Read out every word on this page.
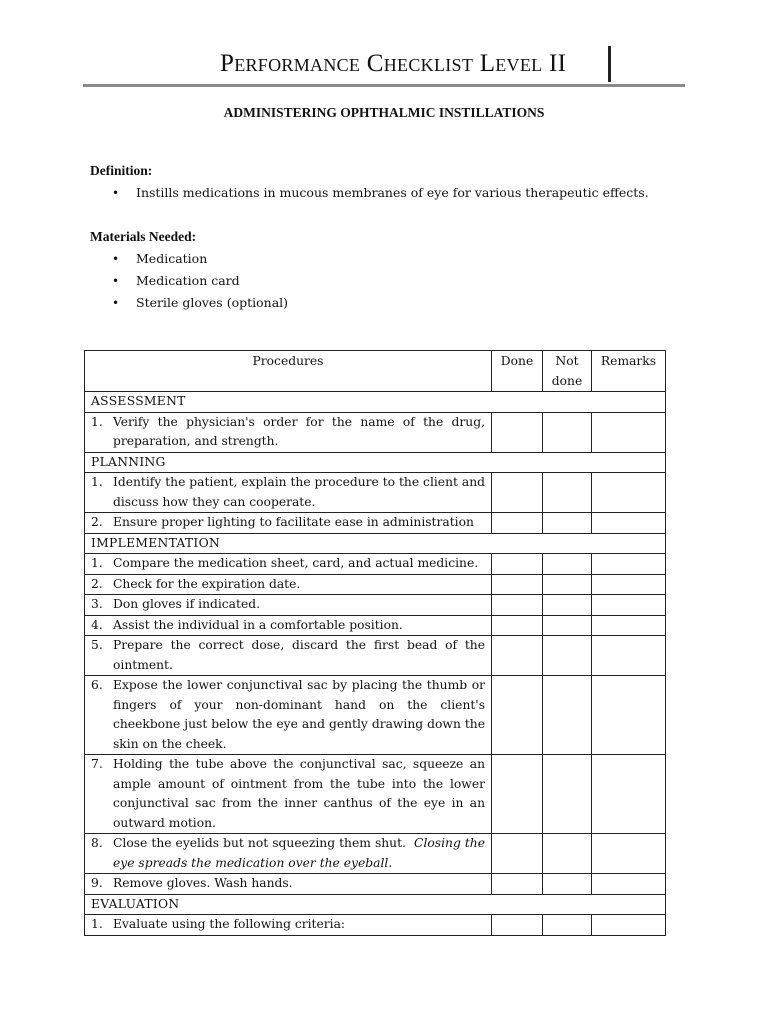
Performance Checklist Level II
ADMINISTERING OPHTHALMIC INSTILLATIONS
Definition:
• Instills medications in mucous membranes of eye for various therapeutic effects.
Materials Needed:
• Medication
• Medication card
• Sterile gloves (optional)
Procedures	Done	Not done	Remarks
ASSESSMENT			

1. Verify the physician's order for the name of the drug, preparation, and strength.			

PLANNING			

1. Identify the patient, explain the procedure to the client and discuss how they can cooperate.			

2. Ensure proper lighting to facilitate ease in administration			

IMPLEMENTATION			

1. Compare the medication sheet, card, and actual medicine.			

2. Check for the expiration date.			

3. Don gloves if indicated.			

4. Assist the individual in a comfortable position.			

5. Prepare the correct dose, discard the first bead of the ointment.			

6. Expose the lower conjunctival sac by placing the thumb or fingers of your non-dominant hand on the client's cheekbone just below the eye and gently drawing down the skin on the cheek.			

7. Holding the tube above the conjunctival sac, squeeze an ample amount of ointment from the tube into the lower conjunctival sac from the inner canthus of the eye in an outward motion.			

8. Close the eyelids but not squeezing them shut. Closing the eye spreads the medication over the eyeball.			

9. Remove gloves. Wash hands.			

EVALUATION			

1. Evaluate using the following criteria:			
